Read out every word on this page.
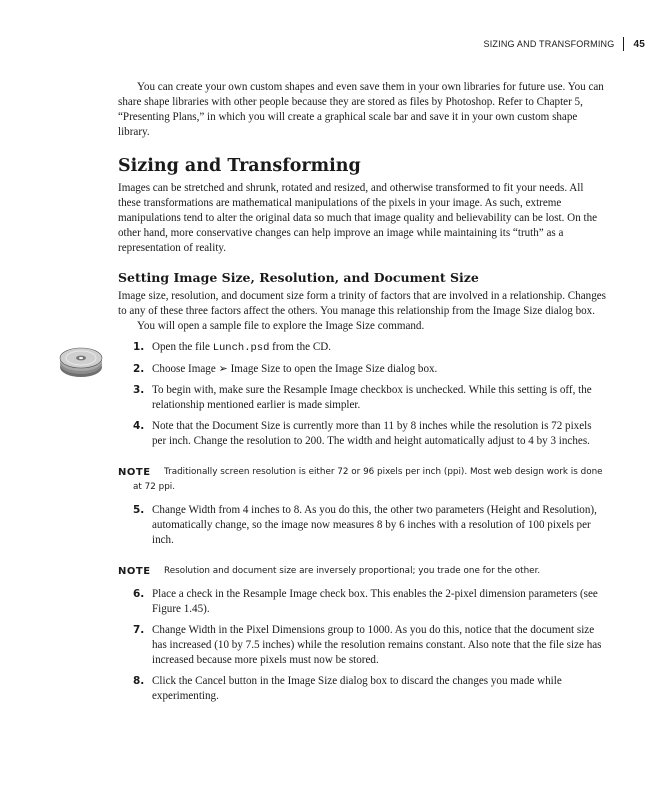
SIZING AND TRANSFORMING	45

You can create your own custom shapes and even save them in your own libraries for future use. You can share shape libraries with other people because they are stored as files by Photoshop. Refer to Chapter 5, “Presenting Plans,” in which you will create a graphical scale bar and save it in your own custom shape library.

Sizing and Transforming

Images can be stretched and shrunk, rotated and resized, and otherwise transformed to fit your needs. All these transformations are mathematical manipulations of the pixels in your image. As such, extreme manipulations tend to alter the original data so much that image quality and believability can be lost. On the other hand, more conservative changes can help improve an image while maintaining its “truth” as a representation of reality.

Setting Image Size, Resolution, and Document Size

Image size, resolution, and document size form a trinity of factors that are involved in a relationship. Changes to any of these three factors affect the others. You manage this relationship from the Image Size dialog box.

You will open a sample file to explore the Image Size command.

1. Open the file Lunch.psd from the CD.
2. Choose Image ➢ Image Size to open the Image Size dialog box.
3. To begin with, make sure the Resample Image checkbox is unchecked. While this setting is off, the relationship mentioned earlier is made simpler.
4. Note that the Document Size is currently more than 11 by 8 inches while the resolution is 72 pixels per inch. Change the resolution to 200. The width and height automatically adjust to 4 by 3 inches.
NOTE	Traditionally screen resolution is either 72 or 96 pixels per inch (ppi). Most web design work is done at 72 ppi.
5. Change Width from 4 inches to 8. As you do this, the other two parameters (Height and Resolution), automatically change, so the image now measures 8 by 6 inches with a resolution of 100 pixels per inch.
NOTE	Resolution and document size are inversely proportional; you trade one for the other.
6. Place a check in the Resample Image check box. This enables the 2-pixel dimension parameters (see Figure 1.45).
7. Change Width in the Pixel Dimensions group to 1000. As you do this, notice that the document size has increased (10 by 7.5 inches) while the resolution remains constant. Also note that the file size has increased because more pixels must now be stored.
8. Click the Cancel button in the Image Size dialog box to discard the changes you made while experimenting.
